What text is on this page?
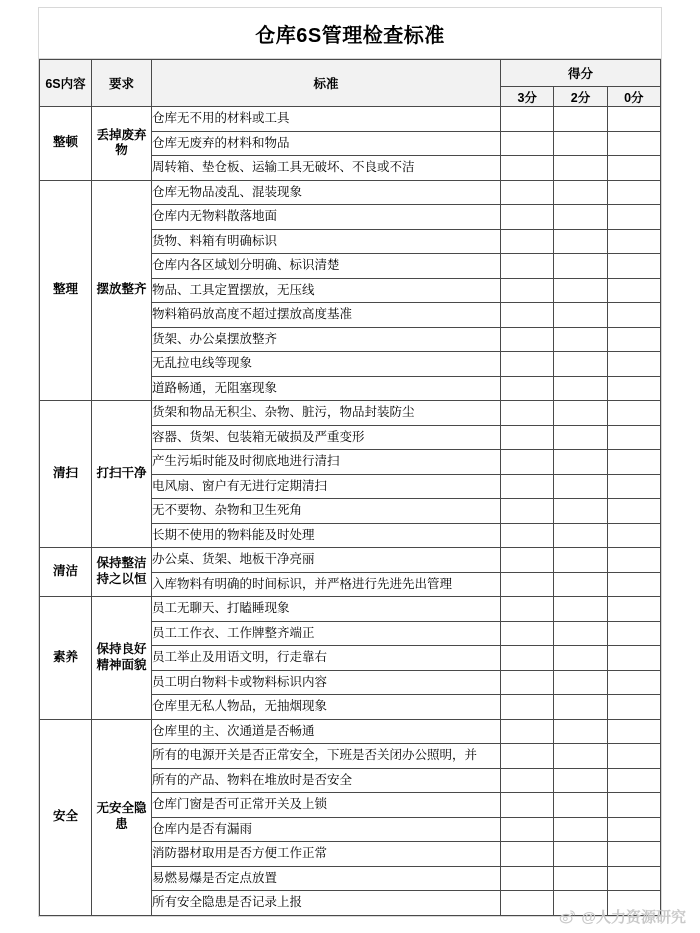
仓库6S管理检查标准
6S内容	要求	标准	得分		
			3分	2分	0分
整顿	丢掉废弃物	仓库无不用的材料或工具			
		仓库无废弃的材料和物品			
		周转箱、垫仓板、运输工具无破坏、不良或不洁			
整理	摆放整齐	仓库无物品凌乱、混装现象			
		仓库内无物料散落地面			
		货物、料箱有明确标识			
		仓库内各区域划分明确、标识清楚			
		物品、工具定置摆放，无压线			
		物料箱码放高度不超过摆放高度基准			
		货架、办公桌摆放整齐			
		无乱拉电线等现象			
		道路畅通，无阻塞现象			
清扫	打扫干净	货架和物品无积尘、杂物、脏污，物品封装防尘			
		容器、货架、包装箱无破损及严重变形			
		产生污垢时能及时彻底地进行清扫			
		电风扇、窗户有无进行定期清扫			
		无不要物、杂物和卫生死角			
		长期不使用的物料能及时处理			
清洁	保持整洁持之以恒	办公桌、货架、地板干净亮丽			
		入库物料有明确的时间标识，并严格进行先进先出管理			
素养	保持良好精神面貌	员工无聊天、打瞌睡现象			
		员工工作衣、工作牌整齐端正			
		员工举止及用语文明，行走靠右			
		员工明白物料卡或物料标识内容			
		仓库里无私人物品，无抽烟现象			
安全	无安全隐患	仓库里的主、次通道是否畅通			
		所有的电源开关是否正常安全，下班是否关闭办公照明，并			
		所有的产品、物料在堆放时是否安全			
		仓库门窗是否可正常开关及上锁			
		仓库内是否有漏雨			
		消防器材取用是否方便工作正常			
		易燃易爆是否定点放置			
		所有安全隐患是否记录上报			
@人力资源研究
